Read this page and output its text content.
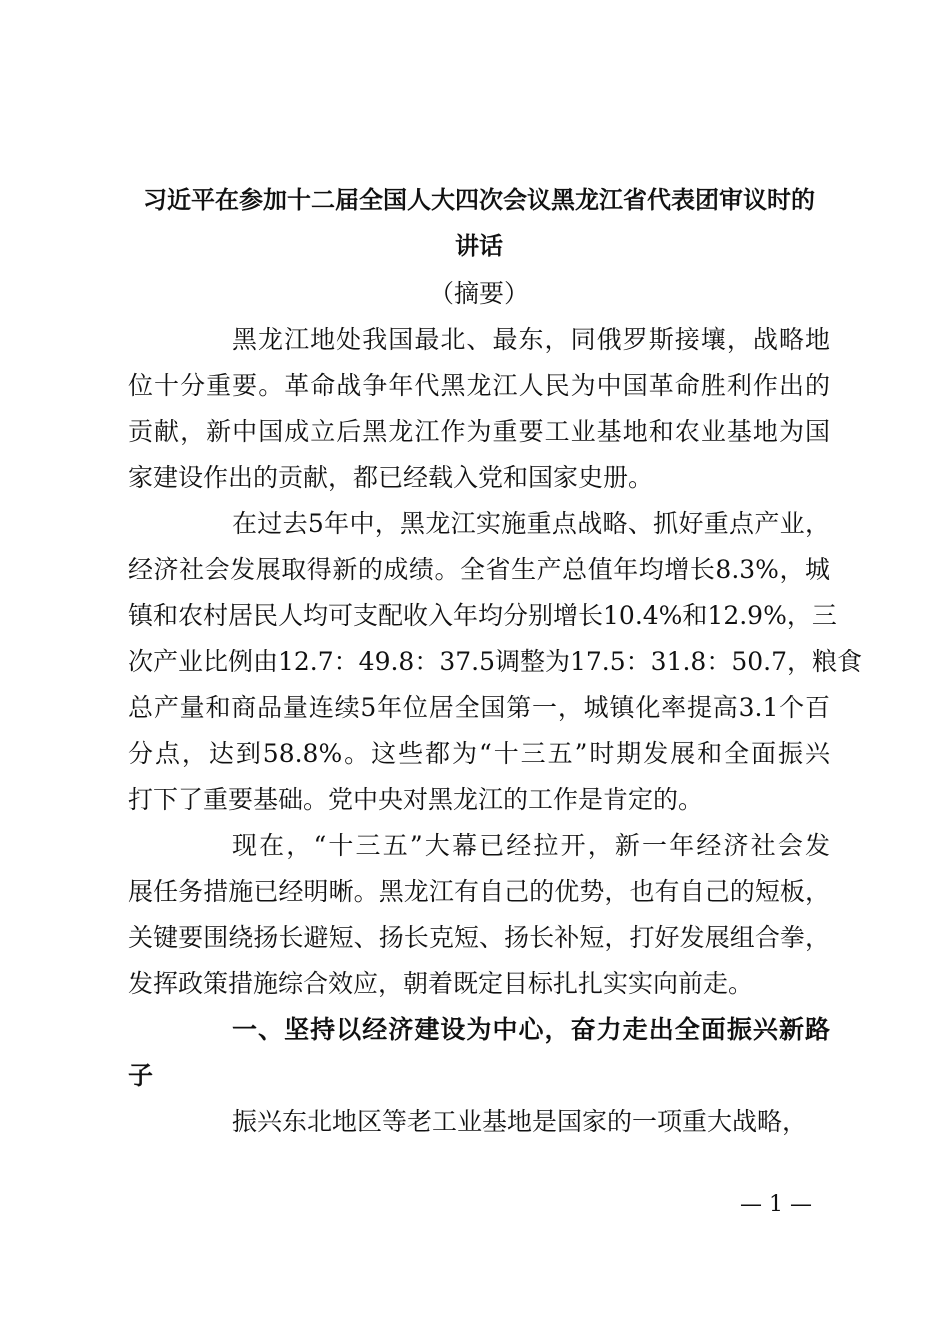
习近平在参加十二届全国人大四次会议黑龙江省代表团审议时的
讲话
（摘要）
黑龙江地处我国最北、最东，同俄罗斯接壤，战略地
位十分重要。革命战争年代黑龙江人民为中国革命胜利作出的
贡献，新中国成立后黑龙江作为重要工业基地和农业基地为国
家建设作出的贡献，都已经载入党和国家史册。
在过去5年中，黑龙江实施重点战略、抓好重点产业，
经济社会发展取得新的成绩。全省生产总值年均增长8.3%，城
镇和农村居民人均可支配收入年均分别增长10.4%和12.9%，三
次产业比例由12.7：49.8：37.5调整为17.5：31.8：50.7，粮食
总产量和商品量连续5年位居全国第一，城镇化率提高3.1个百
分点，达到58.8%。这些都为“十三五”时期发展和全面振兴
打下了重要基础。党中央对黑龙江的工作是肯定的。
现在，“十三五”大幕已经拉开，新一年经济社会发
展任务措施已经明晰。黑龙江有自己的优势，也有自己的短板，
关键要围绕扬长避短、扬长克短、扬长补短，打好发展组合拳，
发挥政策措施综合效应，朝着既定目标扎扎实实向前走。
一、坚持以经济建设为中心，奋力走出全面振兴新路
子
振兴东北地区等老工业基地是国家的一项重大战略，
— 1 —
